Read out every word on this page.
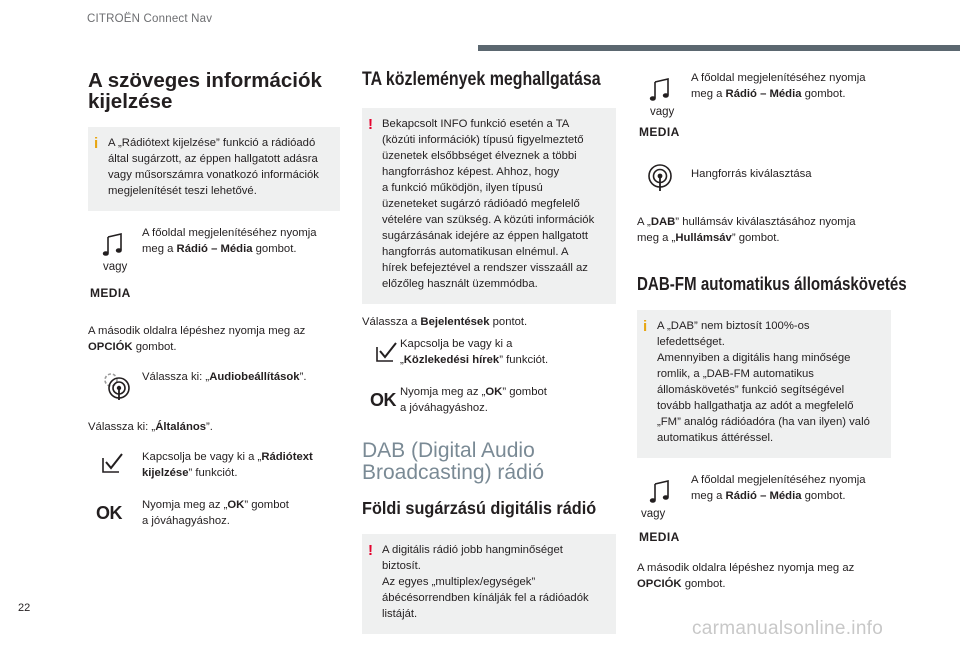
CITROËN Connect Nav
A szöveges információk
kijelzése
i A „Rádiótext kijelzése” funkció a rádióadó
által sugárzott, az éppen hallgatott adásra
vagy műsorszámra vonatkozó információk
megjelenítését teszi lehetővé.
vagy
MEDIA
A főoldal megjelenítéséhez nyomja
meg a Rádió – Média gombot.
A második oldalra lépéshez nyomja meg az
OPCIÓK gombot.
Válassza ki: „Audiobeállítások”.
Válassza ki: „Általános”.
Kapcsolja be vagy ki a „Rádiótext
kijelzése” funkciót.
OK Nyomja meg az „OK” gombot
a jóváhagyáshoz.
TA közlemények meghallgatása
! Bekapcsolt INFO funkció esetén a TA
(közúti információk) típusú figyelmeztető
üzenetek elsőbbséget élveznek a többi
hangforráshoz képest. Ahhoz, hogy
a funkció működjön, ilyen típusú
üzeneteket sugárzó rádióadó megfelelő
vételére van szükség. A közúti információk
sugárzásának idejére az éppen hallgatott
hangforrás automatikusan elnémul. A
hírek befejeztével a rendszer visszaáll az
előzőleg használt üzemmódba.
Válassza a Bejelentések pontot.
Kapcsolja be vagy ki a
„Közlekedési hírek” funkciót.
OK Nyomja meg az „OK” gombot
a jóváhagyáshoz.
DAB (Digital Audio
Broadcasting) rádió
Földi sugárzású digitális rádió
! A digitális rádió jobb hangminőséget
biztosít.
Az egyes „multiplex/egységek”
ábécésorrendben kínálják fel a rádióadók
listáját.
vagy
MEDIA
A főoldal megjelenítéséhez nyomja
meg a Rádió – Média gombot.
Hangforrás kiválasztása
A „DAB” hullámsáv kiválasztásához nyomja
meg a „Hullámsáv” gombot.
DAB-FM automatikus állomáskövetés
i A „DAB” nem biztosít 100%-os
lefedettséget.
Amennyiben a digitális hang minősége
romlik, a „DAB-FM automatikus
állomáskövetés” funkció segítségével
tovább hallgathatja az adót a megfelelő
„FM” analóg rádióadóra (ha van ilyen) való
automatikus áttéréssel.
vagy
MEDIA
A főoldal megjelenítéséhez nyomja
meg a Rádió – Média gombot.
A második oldalra lépéshez nyomja meg az
OPCIÓK gombot.
22
carmanualsonline.info
